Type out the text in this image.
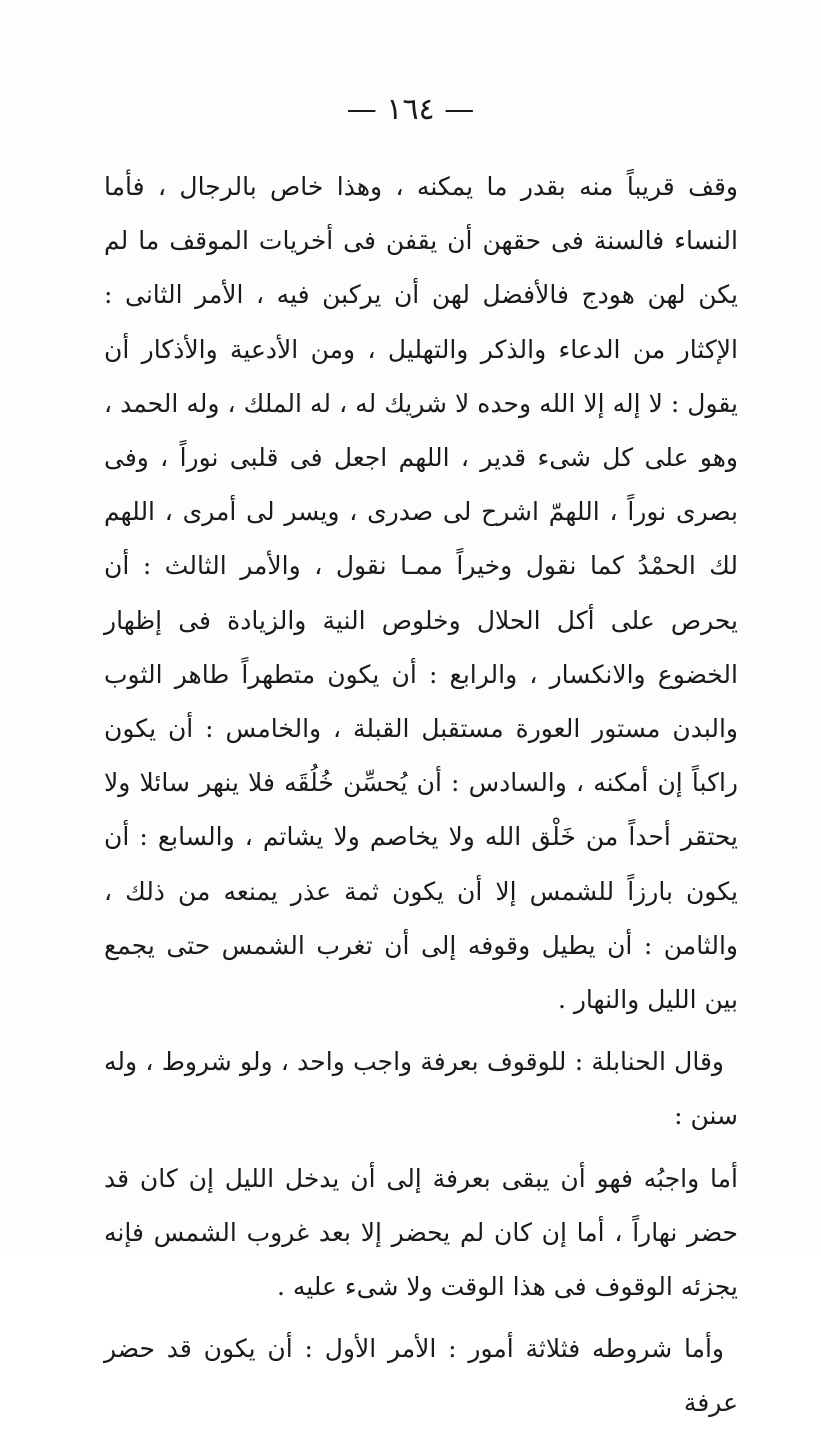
— ١٦٤ —

وقف قريباً منه بقدر ما يمكنه ، وهذا خاص بالرجال ، فأما النساء فالسنة فى حقهن أن يقفن فى أخريات الموقف ما لم يكن لهن هودج فالأفضل لهن أن يركبن فيه ، الأمر الثانى : الإكثار من الدعاء والذكر والتهليل ، ومن الأدعية والأذكار أن يقول : لا إله إلا الله وحده لا شريك له ، له الملك ، وله الحمد ، وهو على كل شىء قدير ، اللهم اجعل فى قلبى نوراً ، وفى بصرى نوراً ، اللهمّ اشرح لى صدرى ، ويسر لى أمرى ، اللهم لك الحمْدُ كما نقول وخيراً ممـا نقول ، والأمر الثالث : أن يحرص على أكل الحلال وخلوص النية والزيادة فى إظهار الخضوع والانكسار ، والرابع : أن يكون متطهراً طاهر الثوب والبدن مستور العورة مستقبل القبلة ، والخامس : أن يكون راكباً إن أمكنه ، والسادس : أن يُحسِّن خُلُقَه فلا ينهر سائلا ولا يحتقر أحداً من خَلْق الله ولا يخاصم ولا يشاتم ، والسابع : أن يكون بارزاً للشمس إلا أن يكون ثمة عذر يمنعه من ذلك ، والثامن : أن يطيل وقوفه إلى أن تغرب الشمس حتى يجمع بين الليل والنهار .

وقال الحنابلة : للوقوف بعرفة واجب واحد ، ولو شروط ، وله سنن :

أما واجبُه فهو أن يبقى بعرفة إلى أن يدخل الليل إن كان قد حضر نهاراً ، أما إن كان لم يحضر إلا بعد غروب الشمس فإنه يجزئه الوقوف فى هذا الوقت ولا شىء عليه .

وأما شروطه فثلاثة أمور : الأمر الأول : أن يكون قد حضر عرفة
